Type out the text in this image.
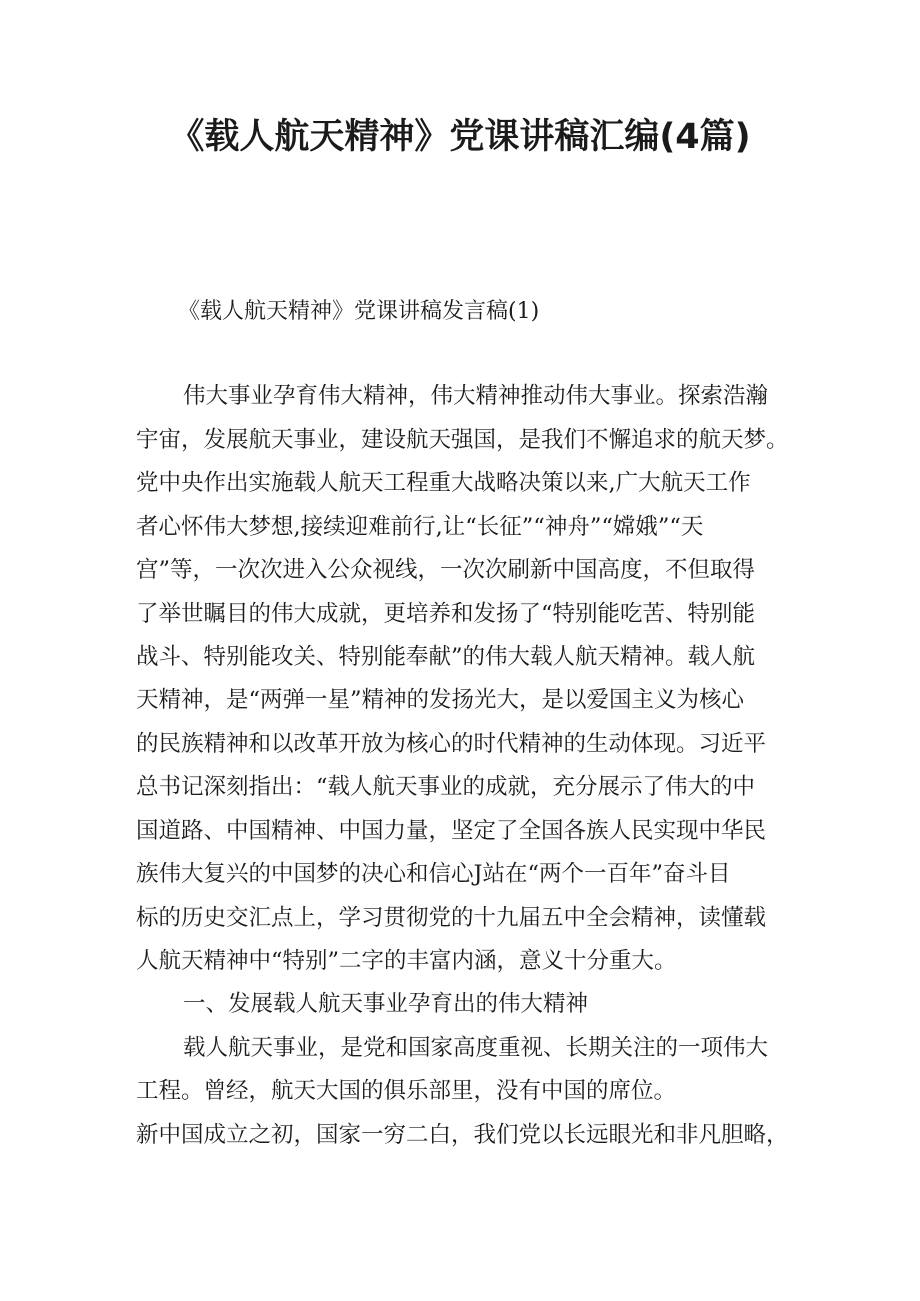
《载人航天精神》党课讲稿汇编(4篇)

《载人航天精神》党课讲稿发言稿(1)

伟大事业孕育伟大精神，伟大精神推动伟大事业。探索浩瀚

宇宙，发展航天事业，建设航天强国，是我们不懈追求的航天梦。

党中央作出实施载人航天工程重大战略决策以来,广大航天工作

者心怀伟大梦想,接续迎难前行,让“长征”“神舟”“嫦娥”“天

宫”等，一次次进入公众视线，一次次刷新中国高度，不但取得

了举世瞩目的伟大成就，更培养和发扬了“特别能吃苦、特别能

战斗、特别能攻关、特别能奉献”的伟大载人航天精神。载人航

天精神，是“两弹一星”精神的发扬光大，是以爱国主义为核心

的民族精神和以改革开放为核心的时代精神的生动体现。习近平

总书记深刻指出：“载人航天事业的成就，充分展示了伟大的中

国道路、中国精神、中国力量，坚定了全国各族人民实现中华民

族伟大复兴的中国梦的决心和信心J站在“两个一百年”奋斗目

标的历史交汇点上，学习贯彻党的十九届五中全会精神，读懂载

人航天精神中“特别”二字的丰富内涵，意义十分重大。

一、发展载人航天事业孕育出的伟大精神

载人航天事业，是党和国家高度重视、长期关注的一项伟大

工程。曾经，航天大国的俱乐部里，没有中国的席位。

新中国成立之初，国家一穷二白，我们党以长远眼光和非凡胆略，
